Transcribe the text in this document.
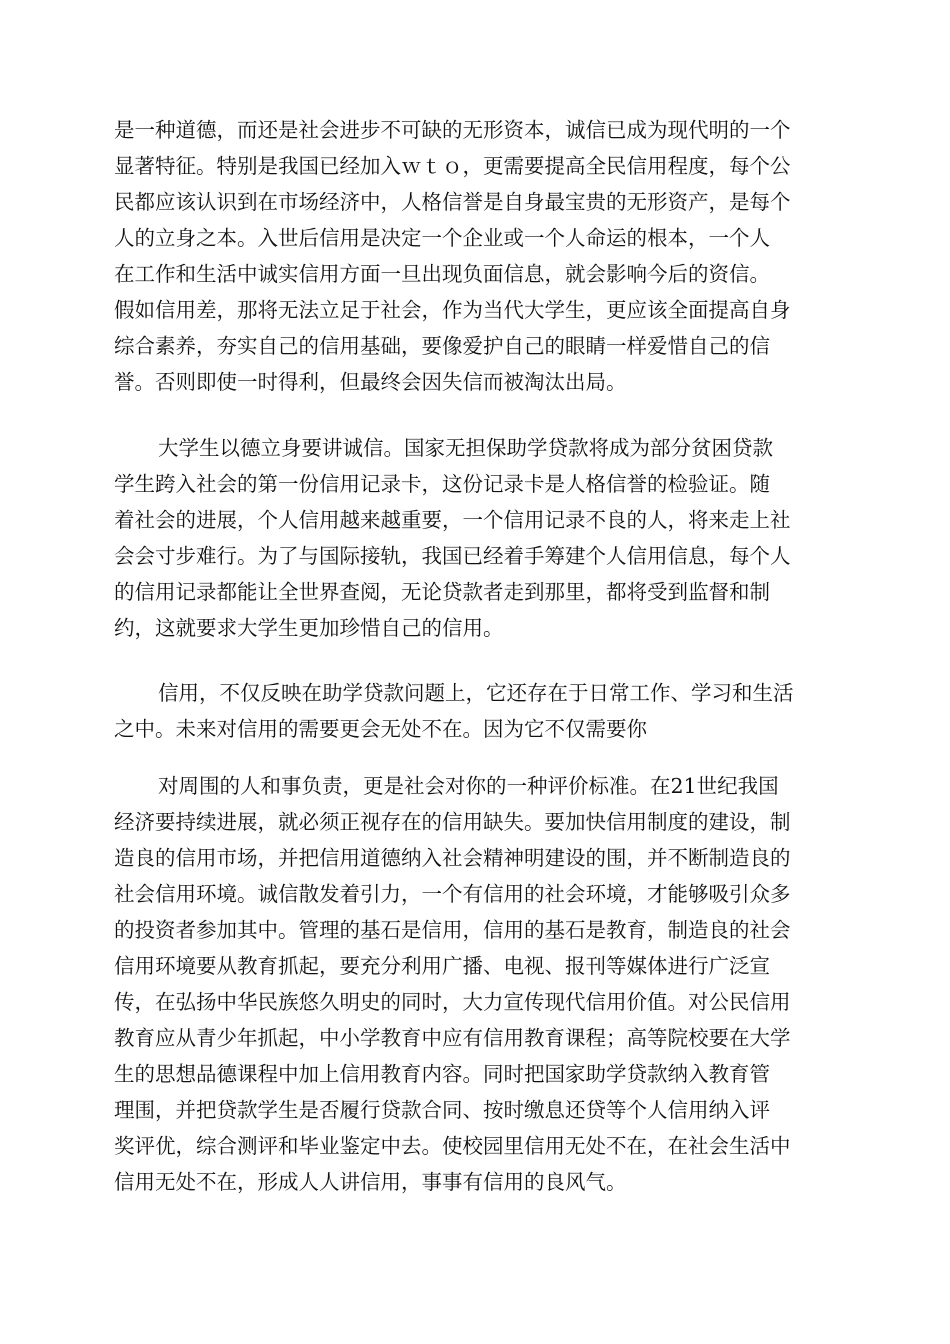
是一种道德，而还是社会进步不可缺的无形资本，诚信已成为现代明的一个
显著特征。特别是我国已经加入ｗｔｏ，更需要提高全民信用程度，每个公
民都应该认识到在市场经济中，人格信誉是自身最宝贵的无形资产，是每个
人的立身之本。入世后信用是决定一个企业或一个人命运的根本，一个人
在工作和生活中诚实信用方面一旦出现负面信息，就会影响今后的资信。
假如信用差，那将无法立足于社会，作为当代大学生，更应该全面提高自身
综合素养，夯实自己的信用基础，要像爱护自己的眼睛一样爱惜自己的信
誉。否则即使一时得利，但最终会因失信而被淘汰出局。
大学生以德立身要讲诚信。国家无担保助学贷款将成为部分贫困贷款
学生跨入社会的第一份信用记录卡，这份记录卡是人格信誉的检验证。随
着社会的进展，个人信用越来越重要，一个信用记录不良的人，将来走上社
会会寸步难行。为了与国际接轨，我国已经着手筹建个人信用信息，每个人
的信用记录都能让全世界查阅，无论贷款者走到那里，都将受到监督和制
约，这就要求大学生更加珍惜自己的信用。
信用，不仅反映在助学贷款问题上，它还存在于日常工作、学习和生活
之中。未来对信用的需要更会无处不在。因为它不仅需要你
对周围的人和事负责，更是社会对你的一种评价标准。在21世纪我国
经济要持续进展，就必须正视存在的信用缺失。要加快信用制度的建设，制
造良的信用市场，并把信用道德纳入社会精神明建设的围，并不断制造良的
社会信用环境。诚信散发着引力，一个有信用的社会环境，才能够吸引众多
的投资者参加其中。管理的基石是信用，信用的基石是教育，制造良的社会
信用环境要从教育抓起，要充分利用广播、电视、报刊等媒体进行广泛宣
传，在弘扬中华民族悠久明史的同时，大力宣传现代信用价值。对公民信用
教育应从青少年抓起，中小学教育中应有信用教育课程；高等院校要在大学
生的思想品德课程中加上信用教育内容。同时把国家助学贷款纳入教育管
理围，并把贷款学生是否履行贷款合同、按时缴息还贷等个人信用纳入评
奖评优，综合测评和毕业鉴定中去。使校园里信用无处不在，在社会生活中
信用无处不在，形成人人讲信用，事事有信用的良风气。
